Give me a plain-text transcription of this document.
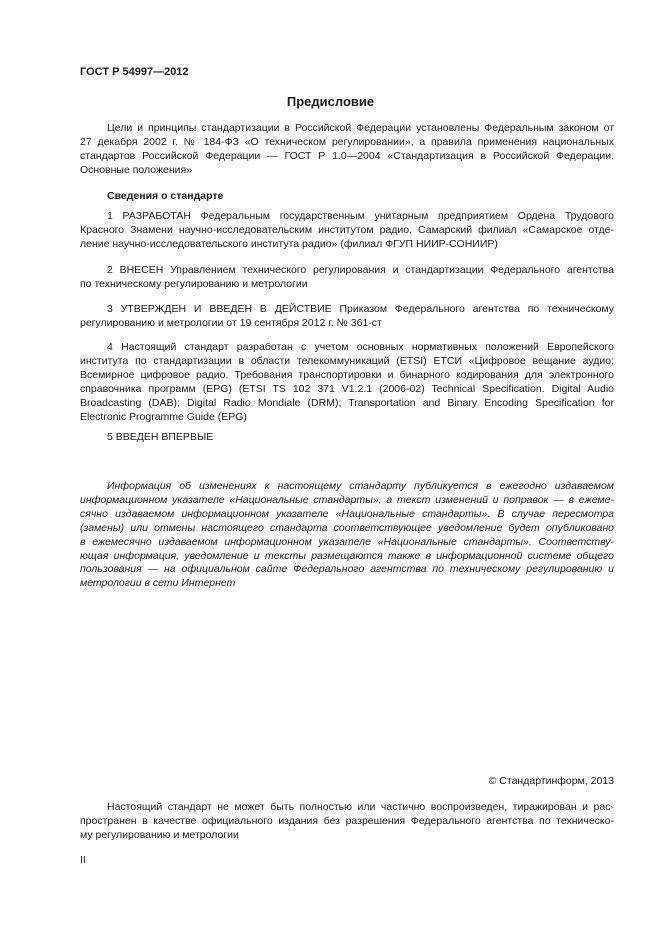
ГОСТ Р 54997—2012
Предисловие
Цели и принципы стандартизации в Российской Федерации установлены Федеральным законом от
27 декабря 2002 г. № 184-ФЗ «О техническом регулировании», а правила применения национальных
стандартов Российской Федерации — ГОСТ Р 1.0—2004 «Стандартизация в Российской Федерации.
Основные положения»
Сведения о стандарте
1 РАЗРАБОТАН Федеральным государственным унитарным предприятием Ордена Трудового
Красного Знамени научно-исследовательским институтом радио, Самарский филиал «Самарское отде-
ление научно-исследовательского института радио» (филиал ФГУП НИИР-СОНИИР)
2 ВНЕСЕН Управлением технического регулирования и стандартизации Федерального агентства
по техническому регулированию и метрологии
3 УТВЕРЖДЕН И ВВЕДЕН В ДЕЙСТВИЕ Приказом Федерального агентства по техническому
регулированию и метрологии от 19 сентября 2012 г. № 361-ст
4 Настоящий стандарт разработан с учетом основных нормативных положений Европейского
института по стандартизации в области телекоммуникаций (ETSI) ЕТСИ «Цифровое вещание аудио;
Всемирное цифровое радио. Требования транспортировки и бинарного кодирования для электронного
справочника программ (EPG) (ETSI TS 102 371 V1.2.1 (2006-02) Technical Specification. Digital Audio
Broadcasting (DAB); Digital Radio Mondiale (DRM); Transportation and Binary Encoding Specification for
Electronic Programme Guide (EPG)
5 ВВЕДЕН ВПЕРВЫЕ
Информация об изменениях к настоящему стандарту публикуется в ежегодно издаваемом
информационном указателе «Национальные стандарты», а текст изменений и поправок — в ежеме-
сячно издаваемом информационном указателе «Национальные стандарты». В случае пересмотра
(замены) или отмены настоящего стандарта соответствующее уведомление будет опубликовано
в ежемесячно издаваемом информационном указателе «Национальные стандарты». Соответству-
ющая информация, уведомление и тексты размещаются также в информационной системе общего
пользования — на официальном сайте Федерального агентства по техническому регулированию и
метрологии в сети Интернет
© Стандартинформ, 2013
Настоящий стандарт не может быть полностью или частично воспроизведен, тиражирован и рас-
пространен в качестве официального издания без разрешения Федерального агентства по техническо-
му регулированию и метрологии
II
